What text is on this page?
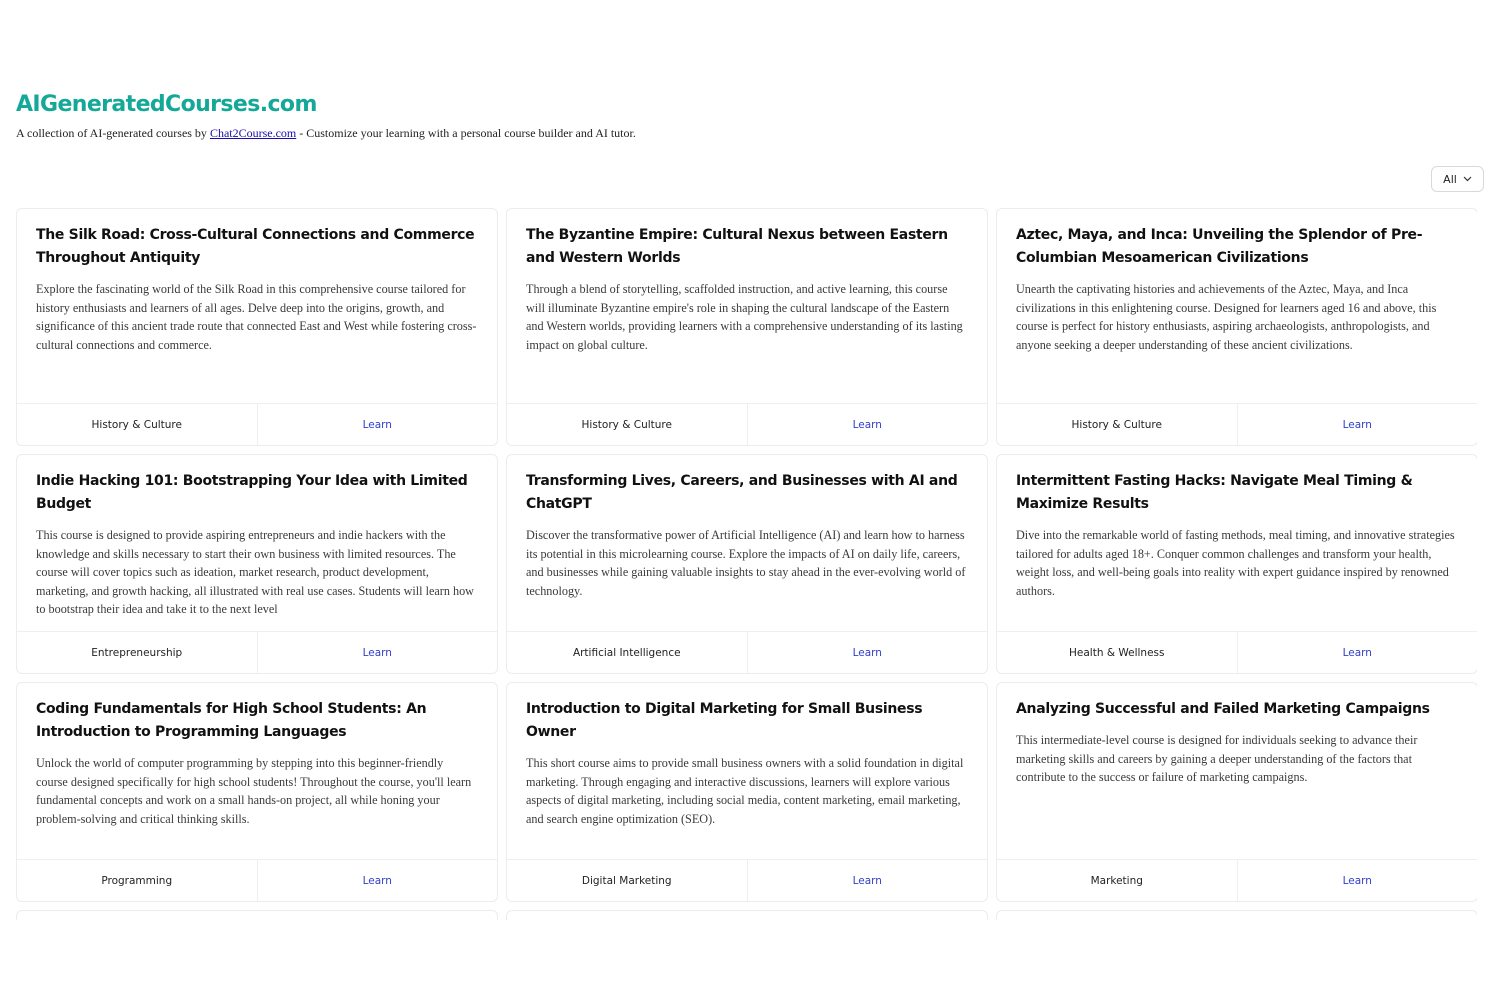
AIGeneratedCourses.com
A collection of AI-generated courses by Chat2Course.com - Customize your learning with a personal course builder and AI tutor.
All
The Silk Road: Cross-Cultural Connections and Commerce Throughout Antiquity
Explore the fascinating world of the Silk Road in this comprehensive course tailored for history enthusiasts and learners of all ages. Delve deep into the origins, growth, and significance of this ancient trade route that connected East and West while fostering cross-cultural connections and commerce.
History & Culture	Learn
The Byzantine Empire: Cultural Nexus between Eastern and Western Worlds
Through a blend of storytelling, scaffolded instruction, and active learning, this course will illuminate Byzantine empire's role in shaping the cultural landscape of the Eastern and Western worlds, providing learners with a comprehensive understanding of its lasting impact on global culture.
History & Culture	Learn
Aztec, Maya, and Inca: Unveiling the Splendor of Pre-Columbian Mesoamerican Civilizations
Unearth the captivating histories and achievements of the Aztec, Maya, and Inca civilizations in this enlightening course. Designed for learners aged 16 and above, this course is perfect for history enthusiasts, aspiring archaeologists, anthropologists, and anyone seeking a deeper understanding of these ancient civilizations.
History & Culture	Learn
Indie Hacking 101: Bootstrapping Your Idea with Limited Budget
This course is designed to provide aspiring entrepreneurs and indie hackers with the knowledge and skills necessary to start their own business with limited resources. The course will cover topics such as ideation, market research, product development, marketing, and growth hacking, all illustrated with real use cases. Students will learn how to bootstrap their idea and take it to the next level
Entrepreneurship	Learn
Transforming Lives, Careers, and Businesses with AI and ChatGPT
Discover the transformative power of Artificial Intelligence (AI) and learn how to harness its potential in this microlearning course. Explore the impacts of AI on daily life, careers, and businesses while gaining valuable insights to stay ahead in the ever-evolving world of technology.
Artificial Intelligence	Learn
Intermittent Fasting Hacks: Navigate Meal Timing & Maximize Results
Dive into the remarkable world of fasting methods, meal timing, and innovative strategies tailored for adults aged 18+. Conquer common challenges and transform your health, weight loss, and well-being goals into reality with expert guidance inspired by renowned authors.
Health & Wellness	Learn
Coding Fundamentals for High School Students: An Introduction to Programming Languages
Unlock the world of computer programming by stepping into this beginner-friendly course designed specifically for high school students! Throughout the course, you'll learn fundamental concepts and work on a small hands-on project, all while honing your problem-solving and critical thinking skills.
Programming	Learn
Introduction to Digital Marketing for Small Business Owner
This short course aims to provide small business owners with a solid foundation in digital marketing. Through engaging and interactive discussions, learners will explore various aspects of digital marketing, including social media, content marketing, email marketing, and search engine optimization (SEO).
Digital Marketing	Learn
Analyzing Successful and Failed Marketing Campaigns
This intermediate-level course is designed for individuals seeking to advance their marketing skills and careers by gaining a deeper understanding of the factors that contribute to the success or failure of marketing campaigns.
Marketing	Learn
